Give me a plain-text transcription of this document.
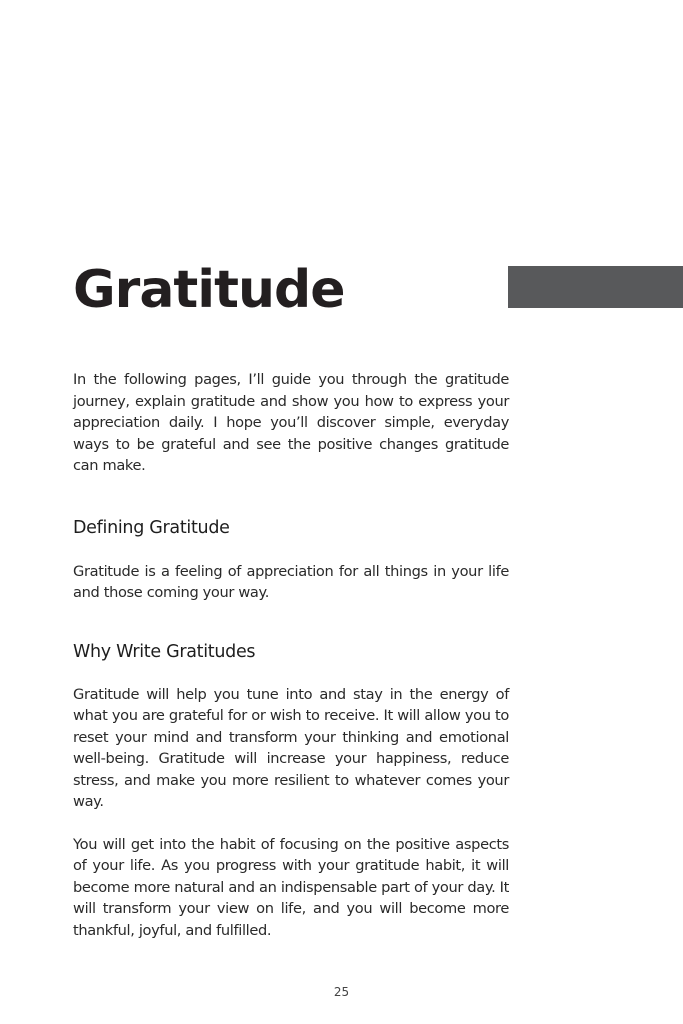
Gratitude

In the following pages, I’ll guide you through the gratitude journey, explain gratitude and show you how to express your appreciation daily. I hope you’ll discover simple, everyday ways to be grateful and see the positive changes gratitude can make.

Defining Gratitude

Gratitude is a feeling of appreciation for all things in your life and those coming your way.

Why Write Gratitudes

Gratitude will help you tune into and stay in the energy of what you are grateful for or wish to receive. It will allow you to reset your mind and transform your thinking and emotional well-being. Gratitude will increase your happiness, reduce stress, and make you more resilient to whatever comes your way.

You will get into the habit of focusing on the positive aspects of your life. As you progress with your gratitude habit, it will become more natural and an indispensable part of your day. It will transform your view on life, and you will become more thankful, joyful, and fulfilled.

25
